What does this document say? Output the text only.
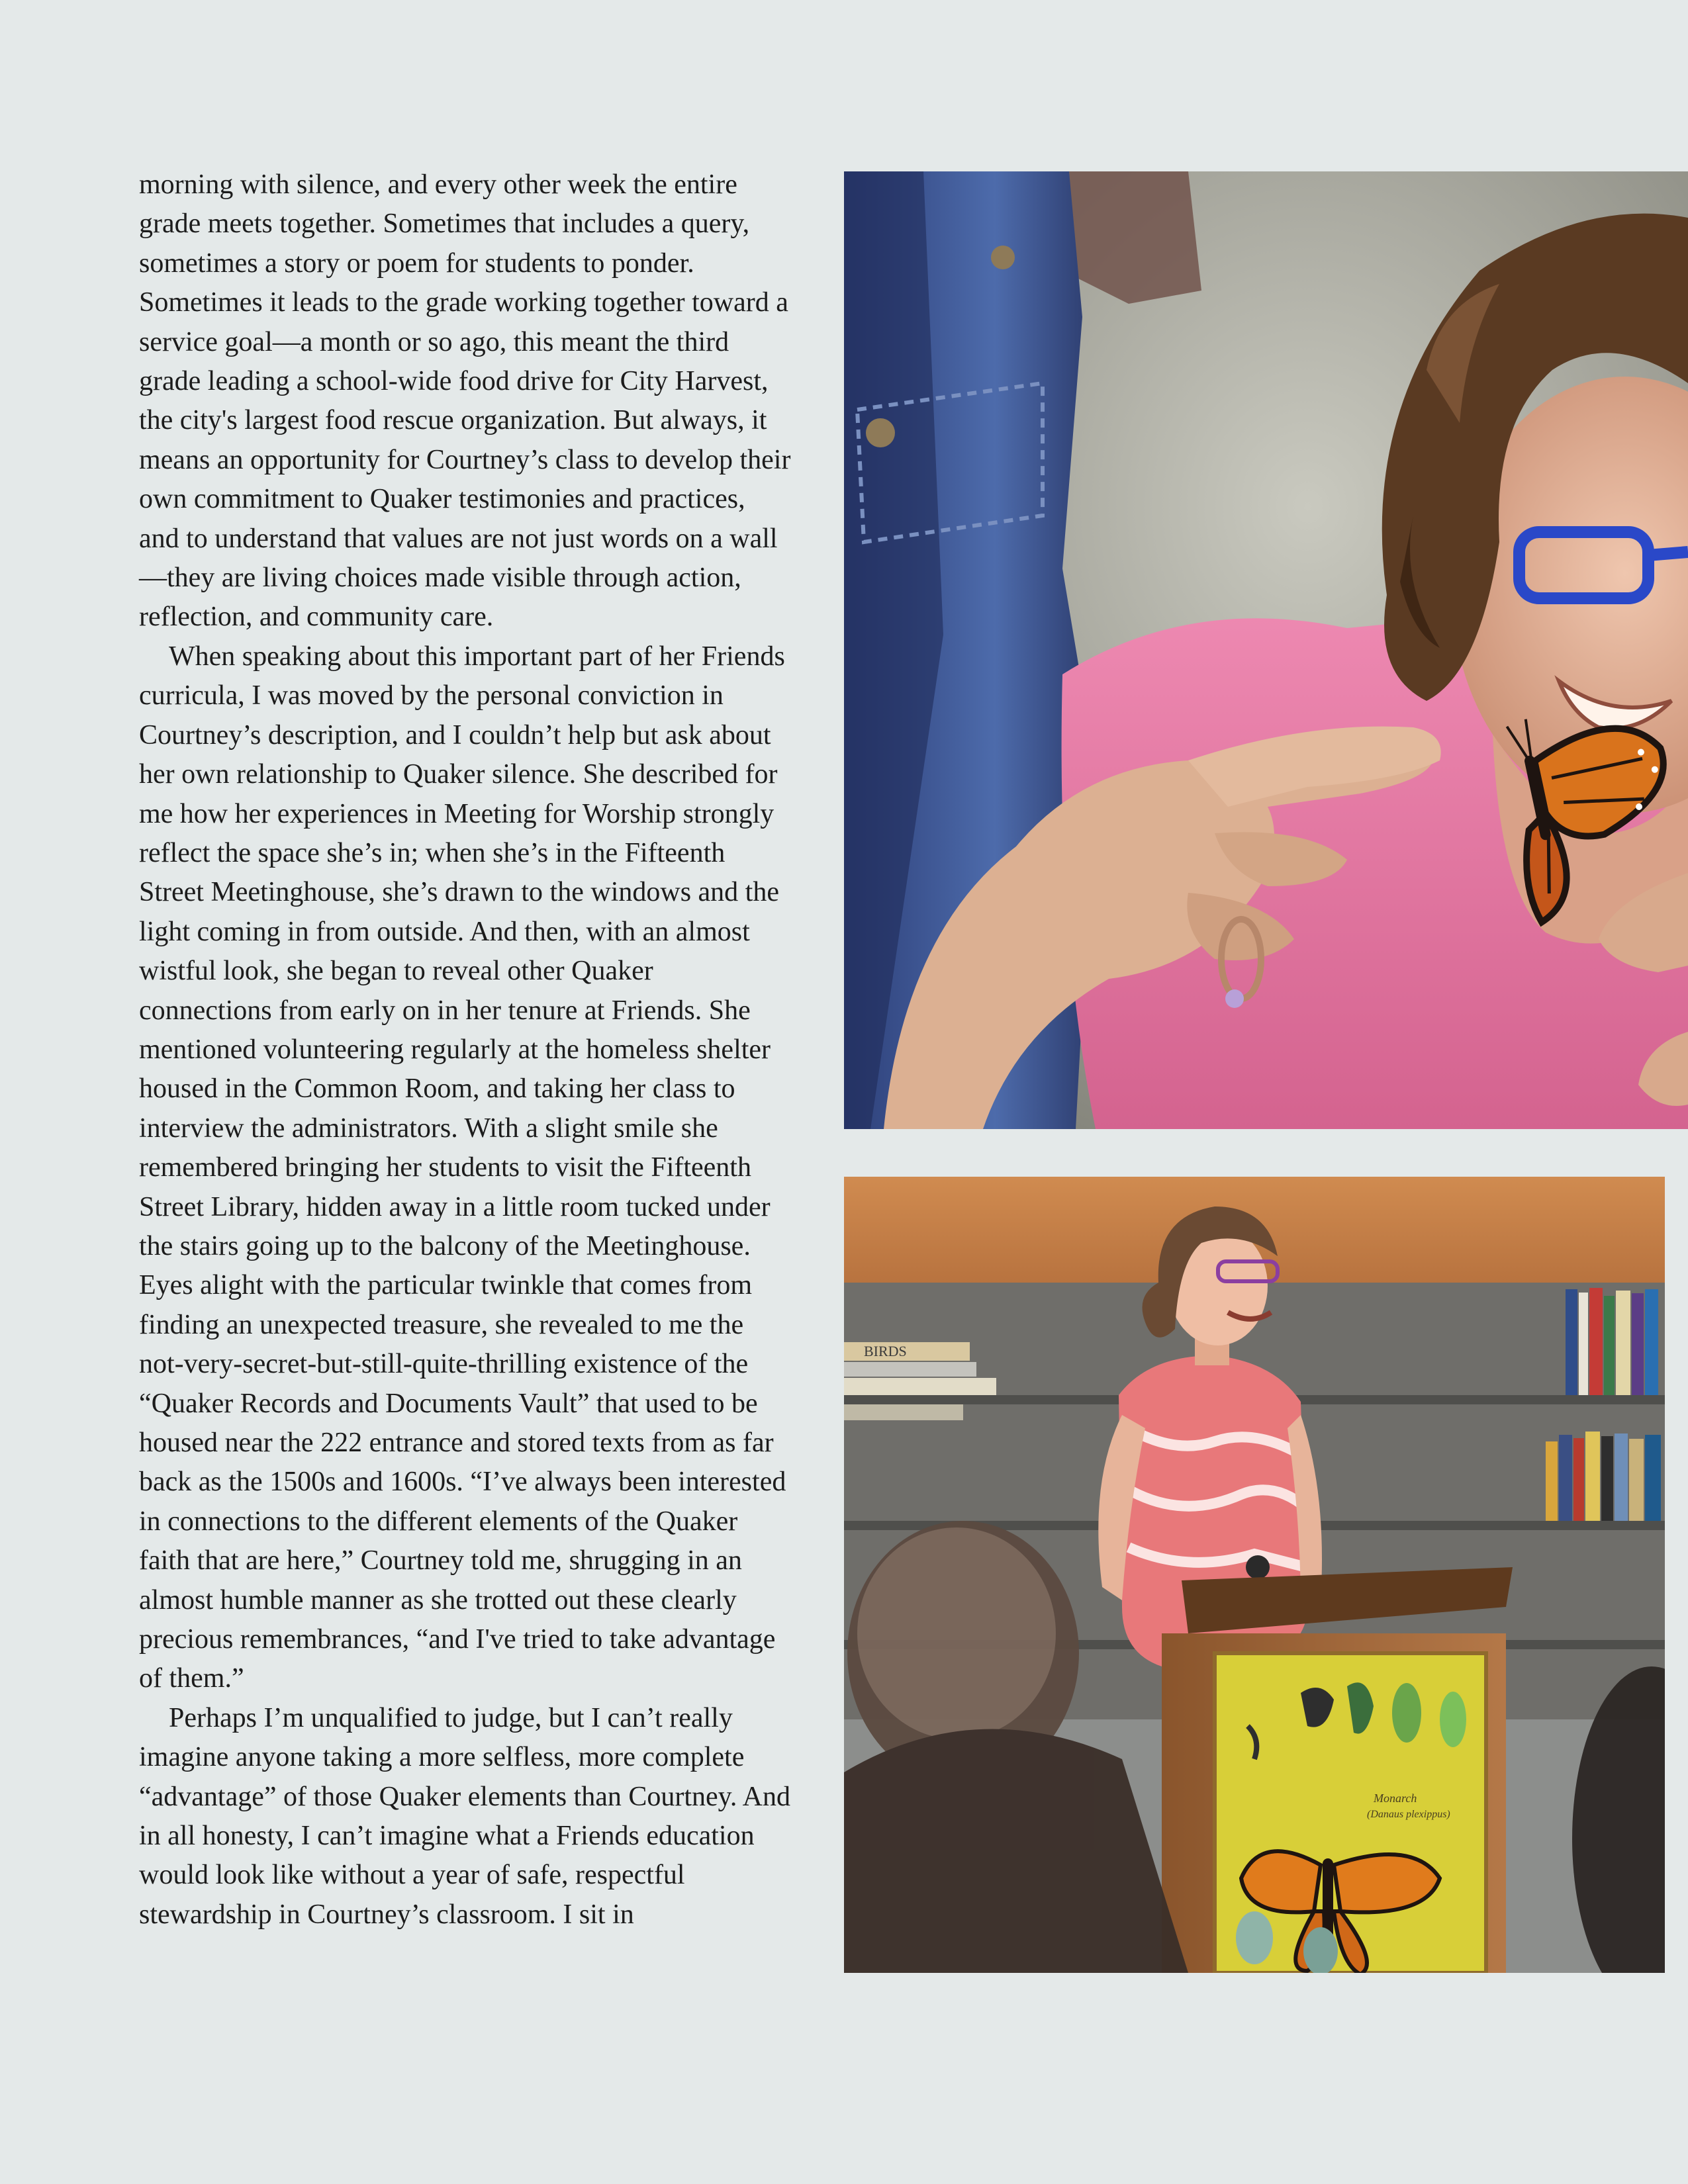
morning with silence, and every other week the entire grade meets together. Sometimes that includes a query, sometimes a story or poem for students to ponder. Sometimes it leads to the grade working together toward a service goal—a month or so ago, this meant the third grade leading a school-wide food drive for City Harvest, the city's largest food rescue organization. But always, it means an opportunity for Courtney’s class to develop their own commitment to Quaker testimonies and practices, and to understand that values are not just words on a wall—they are living choices made visible through action, reflection, and community care.

When speaking about this important part of her Friends curricula, I was moved by the personal conviction in Courtney’s description, and I couldn’t help but ask about her own relationship to Quaker silence. She described for me how her experiences in Meeting for Worship strongly reflect the space she’s in; when she’s in the Fifteenth Street Meetinghouse, she’s drawn to the windows and the light coming in from outside. And then, with an almost wistful look, she began to reveal other Quaker connections from early on in her tenure at Friends. She mentioned volunteering regularly at the homeless shelter housed in the Common Room, and taking her class to interview the administrators. With a slight smile she remembered bringing her students to visit the Fifteenth Street Library, hidden away in a little room tucked under the stairs going up to the balcony of the Meetinghouse. Eyes alight with the particular twinkle that comes from finding an unexpected treasure, she revealed to me the not-very-secret-but-still-quite-thrilling existence of the “Quaker Records and Documents Vault” that used to be housed near the 222 entrance and stored texts from as far back as the 1500s and 1600s. “I’ve always been interested in connections to the different elements of the Quaker faith that are here,” Courtney told me, shrugging in an almost humble manner as she trotted out these clearly precious remembrances, “and I've tried to take advantage of them.”

Perhaps I’m unqualified to judge, but I can’t really imagine anyone taking a more selfless, more complete “advantage” of those Quaker elements than Courtney. And in all honesty, I can’t imagine what a Friends education would look like without a year of safe, respectful stewardship in Courtney’s classroom. I sit in

BIRDS
Monarch
(Danaus plexippus)
